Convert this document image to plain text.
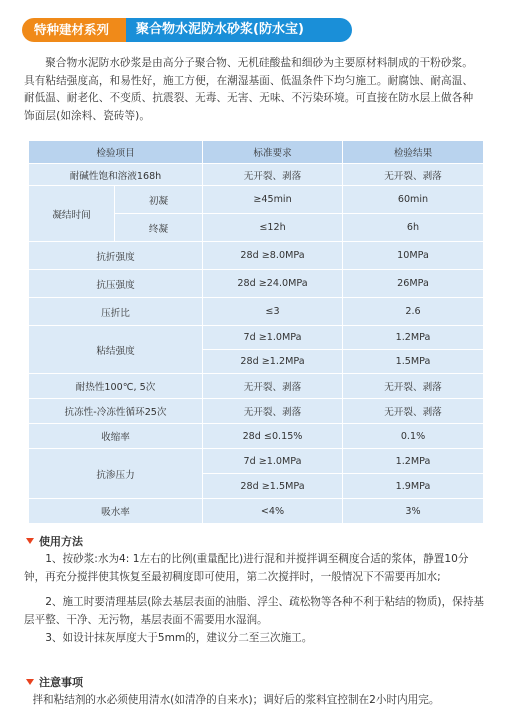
特种建材系列	聚合物水泥防水砂浆(防水宝)

聚合物水泥防水砂浆是由高分子聚合物、无机硅酸盐和细砂为主要原材料制成的干粉砂浆。具有粘结强度高，和易性好，施工方便，在潮湿基面、低温条件下均匀施工。耐腐蚀、耐高温、耐低温、耐老化、不变质、抗震裂、无毒、无害、无味、不污染环境。可直接在防水层上做各种饰面层(如涂料、瓷砖等)。

检验项目		标准要求	检验结果
耐碱性饱和溶液168h		无开裂、剥落	无开裂、剥落
凝结时间	初凝	≥45min	60min
	终凝	≤12h	6h
抗折强度		28d ≥8.0MPa	10MPa
抗压强度		28d ≥24.0MPa	26MPa
压折比		≤3	2.6
粘结强度		7d ≥1.0MPa	1.2MPa
		28d ≥1.2MPa	1.5MPa
耐热性100℃, 5次		无开裂、剥落	无开裂、剥落
抗冻性-冷冻性循环25次		无开裂、剥落	无开裂、剥落
收缩率		28d ≤0.15%	0.1%
抗渗压力		7d ≥1.0MPa	1.2MPa
		28d ≥1.5MPa	1.9MPa
吸水率		<4%	3%
使用方法

1、按砂浆:水为4: 1左右的比例(重量配比)进行混和并搅拌调至稠度合适的浆体，静置10分钟，再充分搅拌使其恢复至最初稠度即可使用，第二次搅拌时，一般情况下不需要再加水;

2、施工时要清理基层(除去基层表面的油脂、浮尘、疏松物等各种不利于粘结的物质)，保持基层平整、干净、无污物，基层表面不需要用水湿润。

3、如设计抹灰厚度大于5mm的，建议分二至三次施工。

注意事项

拌和粘结剂的水必须使用清水(如清净的自来水)；调好后的浆料宜控制在2小时内用完。
